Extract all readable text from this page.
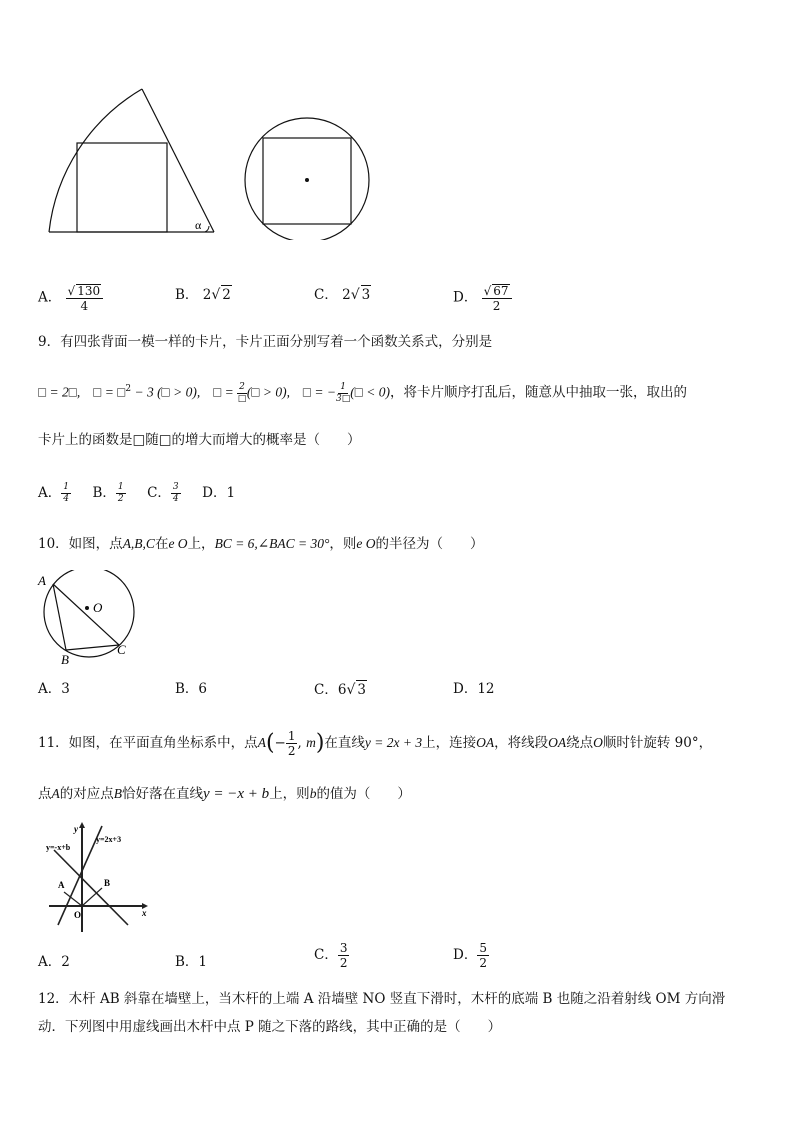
α
A． $\frac{√ 130}{4}$	B． 2√ 2	C． 2√ 3	D． $\frac{√ 67}{2}$
9．有四张背面一模一样的卡片，卡片正面分别写着一个函数关系式，分别是
□ = 2□, □ = □$^2$ − 3 (□ > 0), □ = $\frac{2}{□}$ (□ > 0), □ = − $\frac{1}{3□}$ (□ < 0)，将卡片顺序打乱后，随意从中抽取一张，取出的
卡片上的函数是□随□的增大而增大的概率是（　　）
A． $\frac{1}{4}$ B． $\frac{1}{2}$ C． $\frac{3}{4}$ D．1
10．如图，点A,B,C在e O上，BC = 6,∠BAC = 30°，则e O的半径为（　　）
A
B
C
O
A．3	B．6	C．6√ 3	D．12
11．如图，在平面直角坐标系中，点$A(- \frac{1}{2}$ , m)在直线y = 2x + 3上，连接OA，将线段OA绕点O顺时针旋转 90°，
点A的对应点B恰好落在直线y = −x + b上，则b的值为（　　）
y
x
O
A	B
y=-x+b
y=2x+3
A．2	B．1	C． $\frac{3}{2}$	D． $\frac{5}{2}$
12．木杆 AB 斜靠在墙壁上，当木杆的上端 A 沿墙壁 NO 竖直下滑时，木杆的底端 B 也随之沿着射线 OM 方向滑
动．下列图中用虚线画出木杆中点 P 随之下落的路线，其中正确的是（　　）
